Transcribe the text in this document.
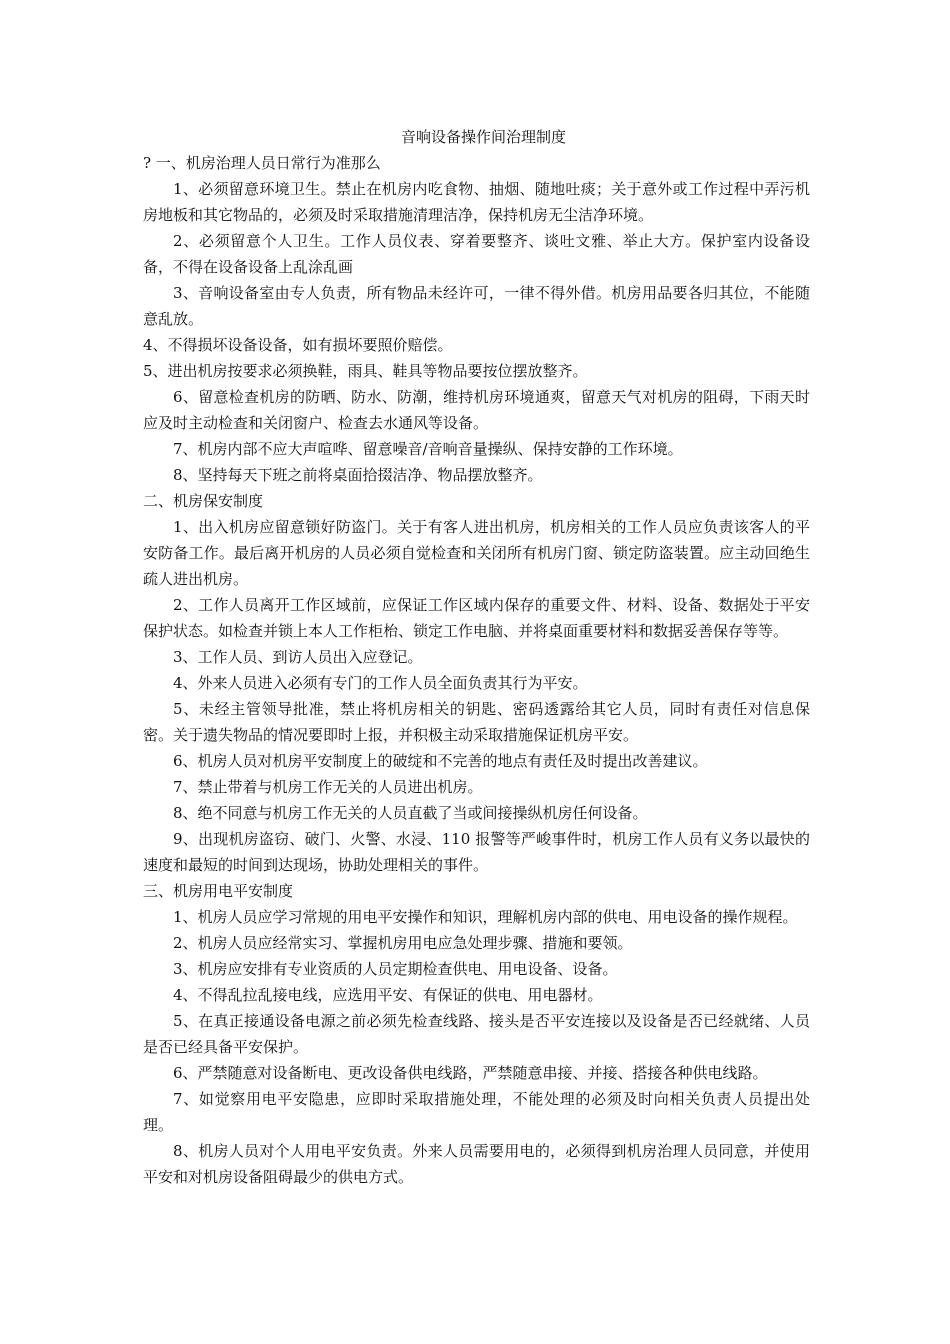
音响设备操作间治理制度

? 一、机房治理人员日常行为准那么

1、必须留意环境卫生。禁止在机房内吃食物、抽烟、随地吐痰；关于意外或工作过程中弄污机房地板和其它物品的，必须及时采取措施清理洁净，保持机房无尘洁净环境。

2、必须留意个人卫生。工作人员仪表、穿着要整齐、谈吐文雅、举止大方。保护室内设备设备，不得在设备设备上乱涂乱画

3、音响设备室由专人负责，所有物品未经许可，一律不得外借。机房用品要各归其位，不能随意乱放。

4、不得损坏设备设备，如有损坏要照价赔偿。

5、进出机房按要求必须换鞋，雨具、鞋具等物品要按位摆放整齐。

6、留意检查机房的防晒、防水、防潮，维持机房环境通爽，留意天气对机房的阻碍，下雨天时应及时主动检查和关闭窗户、检查去水通风等设备。

7、机房内部不应大声喧哗、留意噪音/音响音量操纵、保持安静的工作环境。

8、坚持每天下班之前将桌面拾掇洁净、物品摆放整齐。

二、机房保安制度

1、出入机房应留意锁好防盗门。关于有客人进出机房，机房相关的工作人员应负责该客人的平安防备工作。最后离开机房的人员必须自觉检查和关闭所有机房门窗、锁定防盗装置。应主动回绝生疏人进出机房。

2、工作人员离开工作区域前，应保证工作区域内保存的重要文件、材料、设备、数据处于平安保护状态。如检查并锁上本人工作柜枱、锁定工作电脑、并将桌面重要材料和数据妥善保存等等。

3、工作人员、到访人员出入应登记。

4、外来人员进入必须有专门的工作人员全面负责其行为平安。

5、未经主管领导批准，禁止将机房相关的钥匙、密码透露给其它人员，同时有责任对信息保密。关于遗失物品的情况要即时上报，并积极主动采取措施保证机房平安。

6、机房人员对机房平安制度上的破绽和不完善的地点有责任及时提出改善建议。

7、禁止带着与机房工作无关的人员进出机房。

8、绝不同意与机房工作无关的人员直截了当或间接操纵机房任何设备。

9、出现机房盗窃、破门、火警、水浸、110 报警等严峻事件时，机房工作人员有义务以最快的速度和最短的时间到达现场，协助处理相关的事件。

三、机房用电平安制度

1、机房人员应学习常规的用电平安操作和知识，理解机房内部的供电、用电设备的操作规程。

2、机房人员应经常实习、掌握机房用电应急处理步骤、措施和要领。

3、机房应安排有专业资质的人员定期检查供电、用电设备、设备。

4、不得乱拉乱接电线，应选用平安、有保证的供电、用电器材。

5、在真正接通设备电源之前必须先检查线路、接头是否平安连接以及设备是否已经就绪、人员是否已经具备平安保护。

6、严禁随意对设备断电、更改设备供电线路，严禁随意串接、并接、搭接各种供电线路。

7、如觉察用电平安隐患，应即时采取措施处理，不能处理的必须及时向相关负责人员提出处理。

8、机房人员对个人用电平安负责。外来人员需要用电的，必须得到机房治理人员同意，并使用平安和对机房设备阻碍最少的供电方式。
